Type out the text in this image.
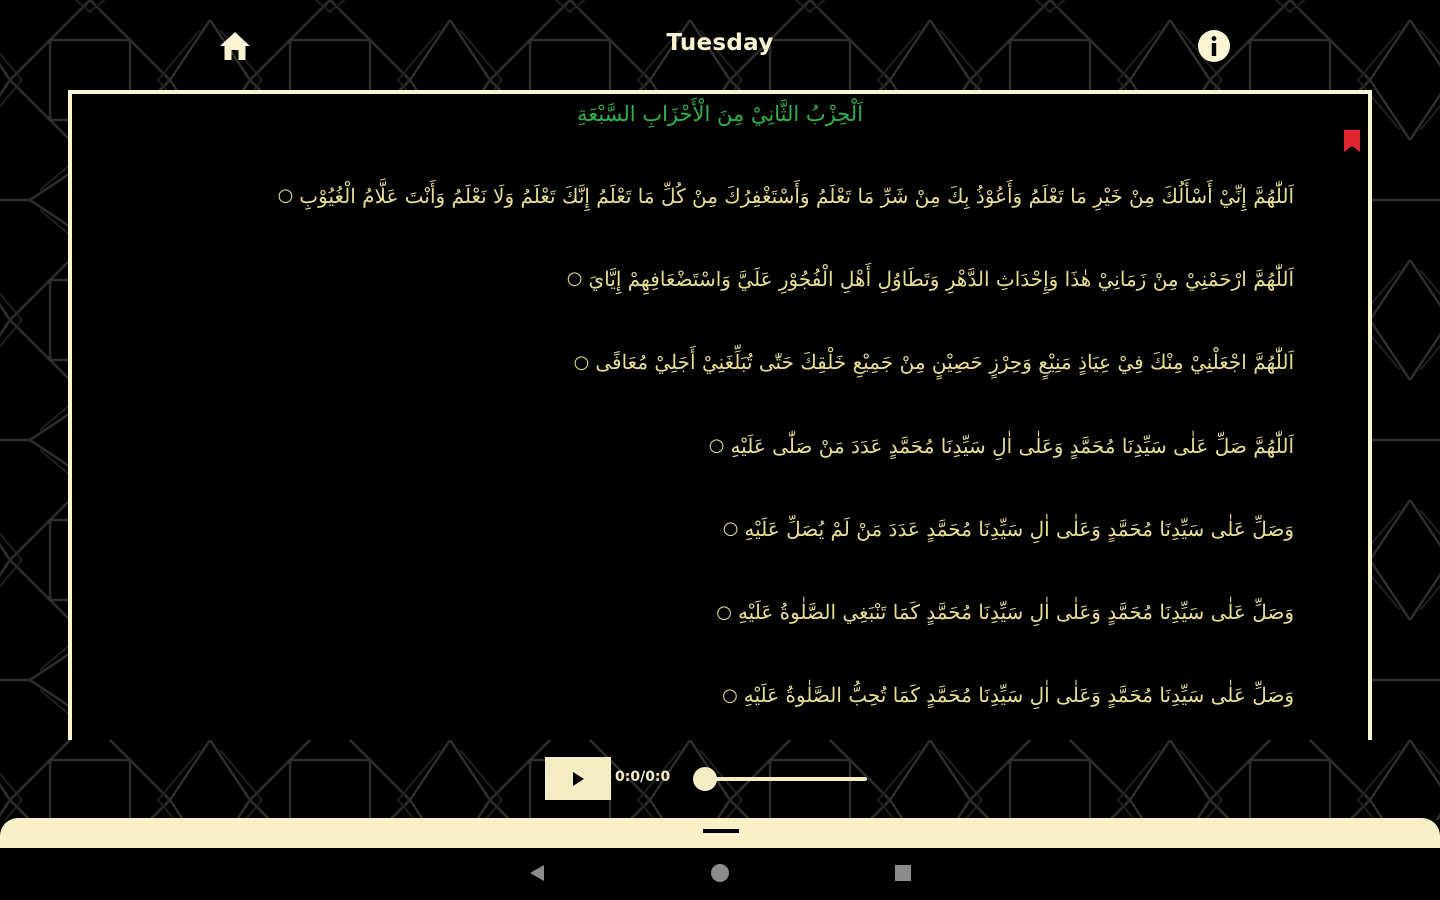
Tuesday
اَلْحِزْبُ الثَّانِيْ مِنَ الْأَحْزَابِ السَّبْعَةِ
اَللّٰهُمَّ إِنِّيْ أَسْأَلُكَ مِنْ خَيْرِ مَا تَعْلَمُ وَأَعُوْذُ بِكَ مِنْ شَرِّ مَا تَعْلَمُ وَأَسْتَغْفِرُكَ مِنْ كُلِّ مَا تَعْلَمُ إِنَّكَ تَعْلَمُ وَلَا نَعْلَمُ وَأَنْتَ عَلَّامُ الْغُيُوْبِ
○
اَللّٰهُمَّ ارْحَمْنِيْ مِنْ زَمَانِيْ هٰذَا وَإِحْدَاثِ الدَّهْرِ وَتَطَاوُلِ أَهْلِ الْفُجُوْرِ عَلَيَّ وَاسْتَضْعَافِهِمْ إِيَّايَ
○
اَللّٰهُمَّ اجْعَلْنِيْ مِنْكَ فِيْ عِيَاذٍ مَنِيْعٍ وَحِرْزٍ حَصِيْنٍ مِنْ جَمِيْعِ خَلْقِكَ حَتّٰى تُبَلِّغَنِيْ أَجَلِيْ مُعَافًى
○
اَللّٰهُمَّ صَلِّ عَلٰى سَيِّدِنَا مُحَمَّدٍ وَعَلٰى اٰلِ سَيِّدِنَا مُحَمَّدٍ عَدَدَ مَنْ صَلّٰى عَلَيْهِ
○
وَصَلِّ عَلٰى سَيِّدِنَا مُحَمَّدٍ وَعَلٰى اٰلِ سَيِّدِنَا مُحَمَّدٍ عَدَدَ مَنْ لَمْ يُصَلِّ عَلَيْهِ
○
وَصَلِّ عَلٰى سَيِّدِنَا مُحَمَّدٍ وَعَلٰى اٰلِ سَيِّدِنَا مُحَمَّدٍ كَمَا تَنْبَغِي الصَّلٰوةُ عَلَيْهِ
○
وَصَلِّ عَلٰى سَيِّدِنَا مُحَمَّدٍ وَعَلٰى اٰلِ سَيِّدِنَا مُحَمَّدٍ كَمَا تُحِبُّ الصَّلٰوةُ عَلَيْهِ
○
0:0/0:0
